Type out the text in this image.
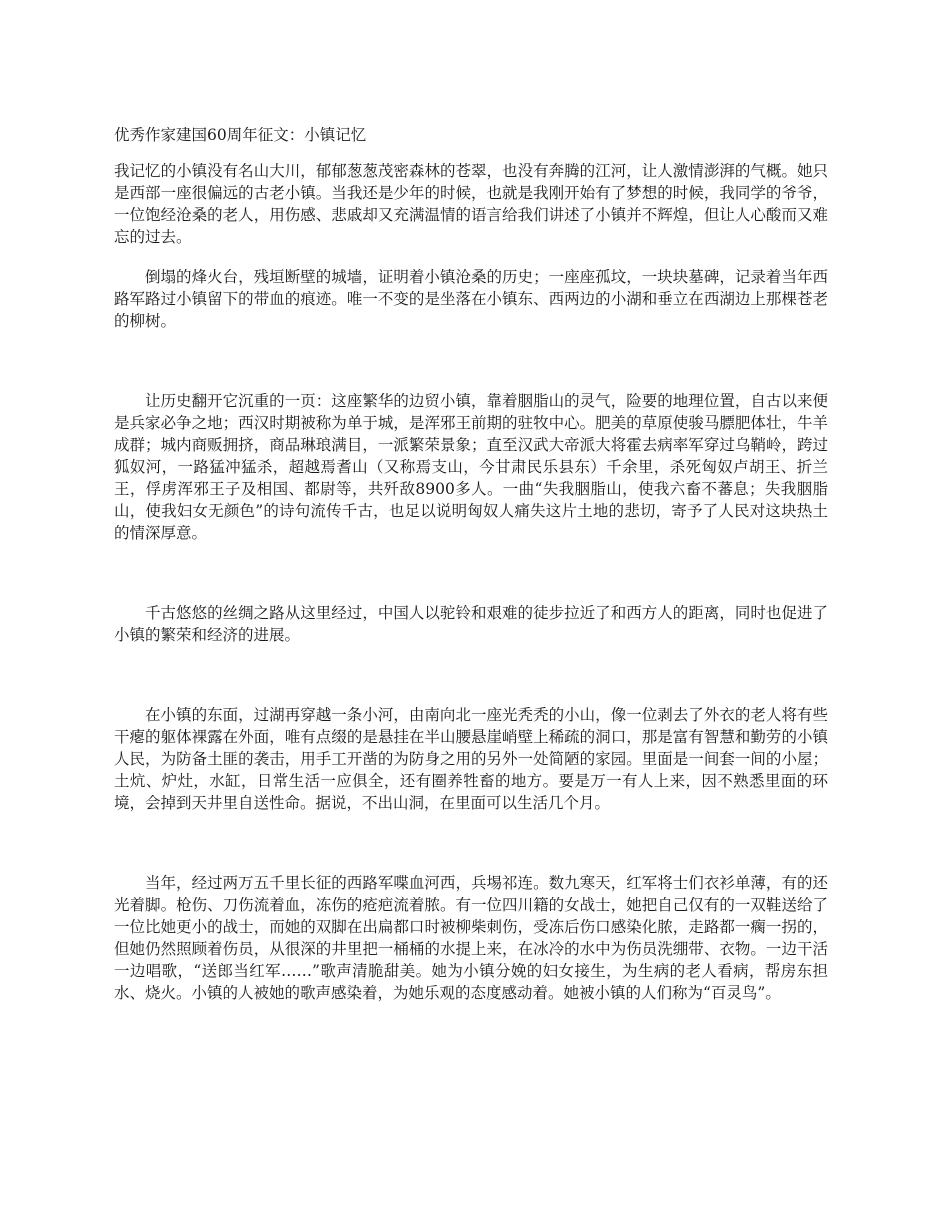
优秀作家建国60周年征文：小镇记忆

我记忆的小镇没有名山大川，郁郁葱葱茂密森林的苍翠，也没有奔腾的江河，让人激情澎湃的气概。她只是西部一座很偏远的古老小镇。当我还是少年的时候，也就是我刚开始有了梦想的时候，我同学的爷爷，一位饱经沧桑的老人，用伤感、悲戚却又充满温情的语言给我们讲述了小镇并不辉煌，但让人心酸而又难忘的过去。

倒塌的烽火台，残垣断壁的城墙，证明着小镇沧桑的历史；一座座孤坟，一块块墓碑，记录着当年西路军路过小镇留下的带血的痕迹。唯一不变的是坐落在小镇东、西两边的小湖和垂立在西湖边上那棵苍老的柳树。

让历史翻开它沉重的一页：这座繁华的边贸小镇，靠着胭脂山的灵气，险要的地理位置，自古以来便是兵家必争之地；西汉时期被称为单于城，是浑邪王前期的驻牧中心。肥美的草原使骏马膘肥体壮，牛羊成群；城内商贩拥挤，商品琳琅满目，一派繁荣景象；直至汉武大帝派大将霍去病率军穿过乌鞘岭，跨过狐奴河，一路猛冲猛杀，超越焉耆山（又称焉支山，今甘肃民乐县东）千余里，杀死匈奴卢胡王、折兰王，俘虏浑邪王子及相国、都尉等，共歼敌8900多人。一曲“失我胭脂山，使我六畜不蕃息；失我胭脂山，使我妇女无颜色”的诗句流传千古，也足以说明匈奴人痛失这片土地的悲切，寄予了人民对这块热土的情深厚意。

千古悠悠的丝绸之路从这里经过，中国人以驼铃和艰难的徒步拉近了和西方人的距离，同时也促进了小镇的繁荣和经济的进展。

在小镇的东面，过湖再穿越一条小河，由南向北一座光秃秃的小山，像一位剥去了外衣的老人将有些干瘪的躯体裸露在外面，唯有点缀的是悬挂在半山腰悬崖峭壁上稀疏的洞口，那是富有智慧和勤劳的小镇人民，为防备土匪的袭击，用手工开凿的为防身之用的另外一处简陋的家园。里面是一间套一间的小屋；土炕、炉灶，水缸，日常生活一应俱全，还有圈养牲畜的地方。要是万一有人上来，因不熟悉里面的环境，会掉到天井里自送性命。据说，不出山洞，在里面可以生活几个月。

当年，经过两万五千里长征的西路军喋血河西，兵埸祁连。数九寒天，红军将士们衣衫单薄，有的还光着脚。枪伤、刀伤流着血，冻伤的疮疤流着脓。有一位四川籍的女战士，她把自己仅有的一双鞋送给了一位比她更小的战士，而她的双脚在出扁都口时被柳柴刺伤，受冻后伤口感染化脓，走路都一瘸一拐的，但她仍然照顾着伤员，从很深的井里把一桶桶的水提上来，在冰冷的水中为伤员洗绷带、衣物。一边干活一边唱歌，“送郎当红军……”歌声清脆甜美。她为小镇分娩的妇女接生，为生病的老人看病，帮房东担水、烧火。小镇的人被她的歌声感染着，为她乐观的态度感动着。她被小镇的人们称为“百灵鸟”。
